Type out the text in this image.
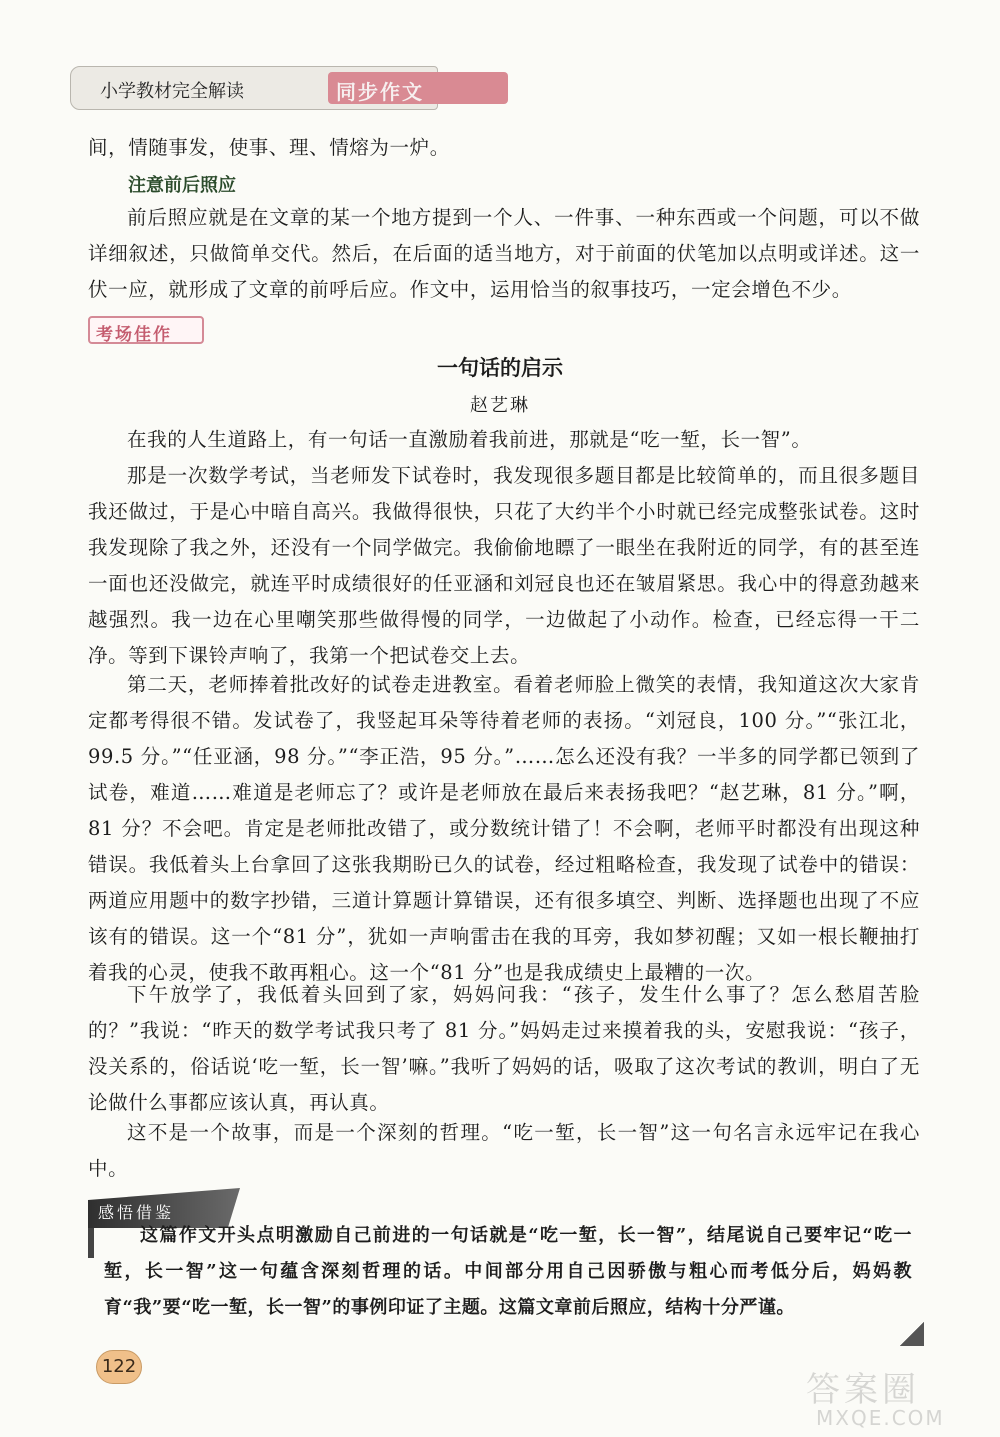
小学教材完全解读	同步作文

间，情随事发，使事、理、情熔为一炉。

注意前后照应

前后照应就是在文章的某一个地方提到一个人、一件事、一种东西或一个问题，可以不做详细叙述，只做简单交代。然后，在后面的适当地方，对于前面的伏笔加以点明或详述。这一伏一应，就形成了文章的前呼后应。作文中，运用恰当的叙事技巧，一定会增色不少。

考场佳作
一句话的启示
赵艺琳

在我的人生道路上，有一句话一直激励着我前进，那就是“吃一堑，长一智”。

那是一次数学考试，当老师发下试卷时，我发现很多题目都是比较简单的，而且很多题目我还做过，于是心中暗自高兴。我做得很快，只花了大约半个小时就已经完成整张试卷。这时我发现除了我之外，还没有一个同学做完。我偷偷地瞟了一眼坐在我附近的同学，有的甚至连一面也还没做完，就连平时成绩很好的任亚涵和刘冠良也还在皱眉紧思。我心中的得意劲越来越强烈。我一边在心里嘲笑那些做得慢的同学，一边做起了小动作。检查，已经忘得一干二净。等到下课铃声响了，我第一个把试卷交上去。

第二天，老师捧着批改好的试卷走进教室。看着老师脸上微笑的表情，我知道这次大家肯定都考得很不错。发试卷了，我竖起耳朵等待着老师的表扬。“刘冠良，100 分。”“张江北，99.5 分。”“任亚涵，98 分。”“李正浩，95 分。”……怎么还没有我？一半多的同学都已领到了试卷，难道……难道是老师忘了？或许是老师放在最后来表扬我吧？“赵艺琳，81 分。”啊，81 分？不会吧。肯定是老师批改错了，或分数统计错了！不会啊，老师平时都没有出现这种错误。我低着头上台拿回了这张我期盼已久的试卷，经过粗略检查，我发现了试卷中的错误：两道应用题中的数字抄错，三道计算题计算错误，还有很多填空、判断、选择题也出现了不应该有的错误。这一个“81 分”，犹如一声响雷击在我的耳旁，我如梦初醒；又如一根长鞭抽打着我的心灵，使我不敢再粗心。这一个“81 分”也是我成绩史上最糟的一次。

下午放学了，我低着头回到了家，妈妈问我：“孩子，发生什么事了？怎么愁眉苦脸的？”我说：“昨天的数学考试我只考了 81 分。”妈妈走过来摸着我的头，安慰我说：“孩子，没关系的，俗话说‘吃一堑，长一智’嘛。”我听了妈妈的话，吸取了这次考试的教训，明白了无论做什么事都应该认真，再认真。

这不是一个故事，而是一个深刻的哲理。“吃一堑，长一智”这一句名言永远牢记在我心中。

感悟借鉴

这篇作文开头点明激励自己前进的一句话就是“吃一堑，长一智”，结尾说自己要牢记“吃一堑，长一智”这一句蕴含深刻哲理的话。中间部分用自己因骄傲与粗心而考低分后，妈妈教育“我”要“吃一堑，长一智”的事例印证了主题。这篇文章前后照应，结构十分严谨。

122
答案圈
MXQE.COM
